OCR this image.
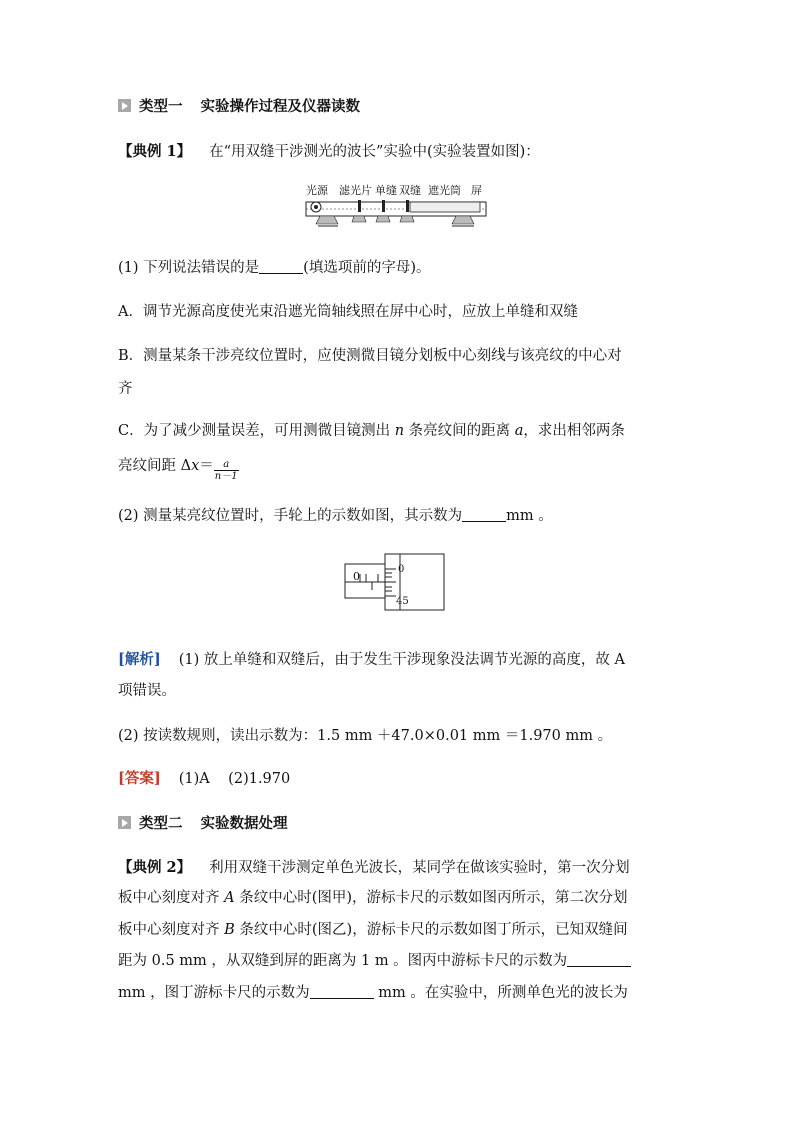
类型一 实验操作过程及仪器读数
【典例 1】 在“用双缝干涉测光的波长”实验中(实验装置如图)：
光源 滤光片 单缝 双缝 遮光筒 屏
(1) 下列说法错误的是	(填选项前的字母)。
A．调节光源高度使光束沿遮光筒轴线照在屏中心时，应放上单缝和双缝
B．测量某条干涉亮纹位置时，应使测微目镜分划板中心刻线与该亮纹的中心对
齐
C．为了减少测量误差，可用测微目镜测出 n 条亮纹间的距离 a，求出相邻两条
亮纹间距 $\Delta x= \frac{a}{n-1}$
(2) 测量某亮纹位置时，手轮上的示数如图，其示数为	mm 。
0
0
45
[解析] (1) 放上单缝和双缝后，由于发生干涉现象没法调节光源的高度，故 A
项错误。
(2) 按读数规则，读出示数为：1.5 mm ＋47.0×0.01 mm ＝1.970 mm 。
[答案] (1)A    (2)1.970
类型二 实验数据处理
【典例 2】 利用双缝干涉测定单色光波长，某同学在做该实验时，第一次分划
板中心刻度对齐 A 条纹中心时(图甲)，游标卡尺的示数如图丙所示，第二次分划
板中心刻度对齐 B 条纹中心时(图乙)，游标卡尺的示数如图丁所示，已知双缝间
距为 0.5 mm ，从双缝到屏的距离为 1 m 。图丙中游标卡尺的示数为
mm ，图丁游标卡尺的示数为	mm 。在实验中，所测单色光的波长为
